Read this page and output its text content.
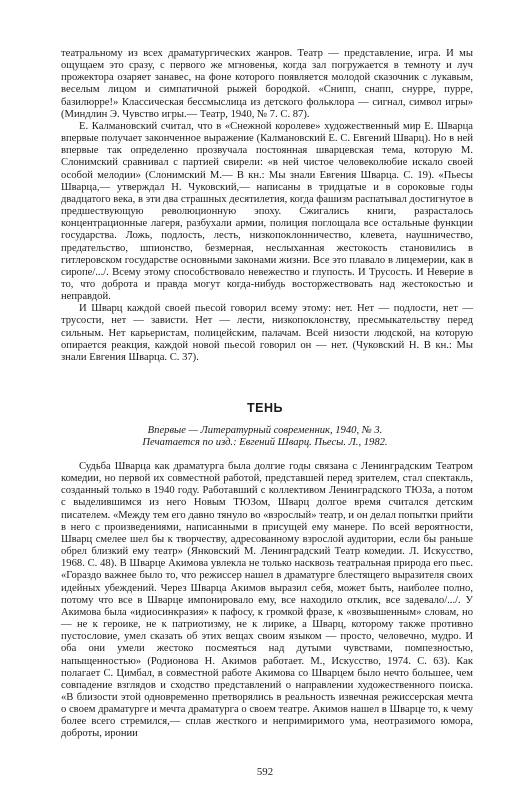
театральному из всех драматургических жанров. Театр — представление, игра. И мы ощущаем это сразу, с первого же мгновенья, когда зал погружается в темноту и луч прожектора озаряет занавес, на фоне которого появляется молодой сказочник с лукавым, веселым лицом и симпатичной рыжей бородкой. «Снипп, снапп, снурре, пурре, базилюрре!» Классическая бессмыслица из детского фольклора — сигнал, символ игры» (Миндлин Э. Чувство игры.— Театр, 1940, № 7. С. 87).

Е. Калмановский считал, что в «Снежной королеве» художественный мир Е. Шварца впервые получает законченное выражение (Калмановский Е. С. Евгений Шварц). Но в ней впервые так определенно прозвучала постоянная шварцевская тема, которую М. Слонимский сравнивал с партией свирели: «в ней чистое человеколюбие искало своей особой мелодии» (Слонимский М.— В кн.: Мы знали Евгения Шварца. С. 19). «Пьесы Шварца,— утверждал Н. Чуковский,— написаны в тридцатые и в сороковые годы двадцатого века, в эти два страшных десятилетия, когда фашизм распатывал достигнутое в предшествующую революционную эпоху. Сжигались книги, разрасталось концентрационные лагеря, разбухали армии, полиция поглощала все остальные функции государства. Ложь, подлость, лесть, низкопоклонничество, клевета, наушничество, предательство, шпионство, безмерная, неслыханная жестокость становились в гитлеровском государстве основными законами жизни. Все это плавало в лицемерии, как в сиропе/.../. Всему этому способствовало невежество и глупость. И Трусость. И Неверие в то, что доброта и правда могут когда-нибудь восторжествовать над жестокостью и неправдой.

И Шварц каждой своей пьесой говорил всему этому: нет. Нет — подлости, нет — трусости, нет — зависти. Нет — лести, низкопоклонству, пресмыкательству перед сильным. Нет карьеристам, полицейским, палачам. Всей низости людской, на которую опирается реакция, каждой новой пьесой говорил он — нет. (Чуковский Н. В кн.: Мы знали Евгения Шварца. С. 37).

ТЕНЬ
Впервые — Литературный современник, 1940, № 3.
Печатается по изд.: Евгений Шварц. Пьесы. Л., 1982.

Судьба Шварца как драматурга была долгие годы связана с Ленинградским Театром комедии, но первой их совместной работой, представшей перед зрителем, стал спектакль, созданный только в 1940 году. Работавший с коллективом Ленинградского ТЮЗа, а потом с выделившимся из него Новым ТЮЗом, Шварц долгое время считался детским писателем. «Между тем его давно тянуло во «взрослый» театр, и он делал попытки прийти в него с произведениями, написанными в присущей ему манере. По всей вероятности, Шварц смелее шел бы к творчеству, адресованному взрослой аудитории, если бы раньше обрел близкий ему театр» (Янковский М. Ленинградский Театр комедии. Л. Искусство, 1968. С. 48). В Шварце Акимова увлекла не только насквозь театральная природа его пьес. «Гораздо важнее было то, что режиссер нашел в драматурге блестящего выразителя своих идейных убеждений. Через Шварца Акимов выразил себя, может быть, наиболее полно, потому что все в Шварце импонировало ему, все находило отклик, все задевало/.../. У Акимова была «идиосинкразия» к пафосу, к громкой фразе, к «возвышенным» словам, но — не к героике, не к патриотизму, не к лирике, а Шварц, которому также противно пустословие, умел сказать об этих вещах своим языком — просто, человечно, мудро. И оба они умели жестоко посмеяться над дутыми чувствами, помпезностью, напыщенностью» (Родионова Н. Акимов работает. М., Искусство, 1974. С. 63). Как полагает С. Цимбал, в совместной работе Акимова со Шварцем было нечто большее, чем совпадение взглядов и сходство представлений о направлении художественного поиска. «В близости этой одновременно претворялись в реальность извечная режиссерская мечта о своем драматурге и мечта драматурга о своем театре. Акимов нашел в Шварце то, к чему более всего стремился,— сплав жесткого и непримиримого ума, неотразимого юмора, доброты, иронии

592
